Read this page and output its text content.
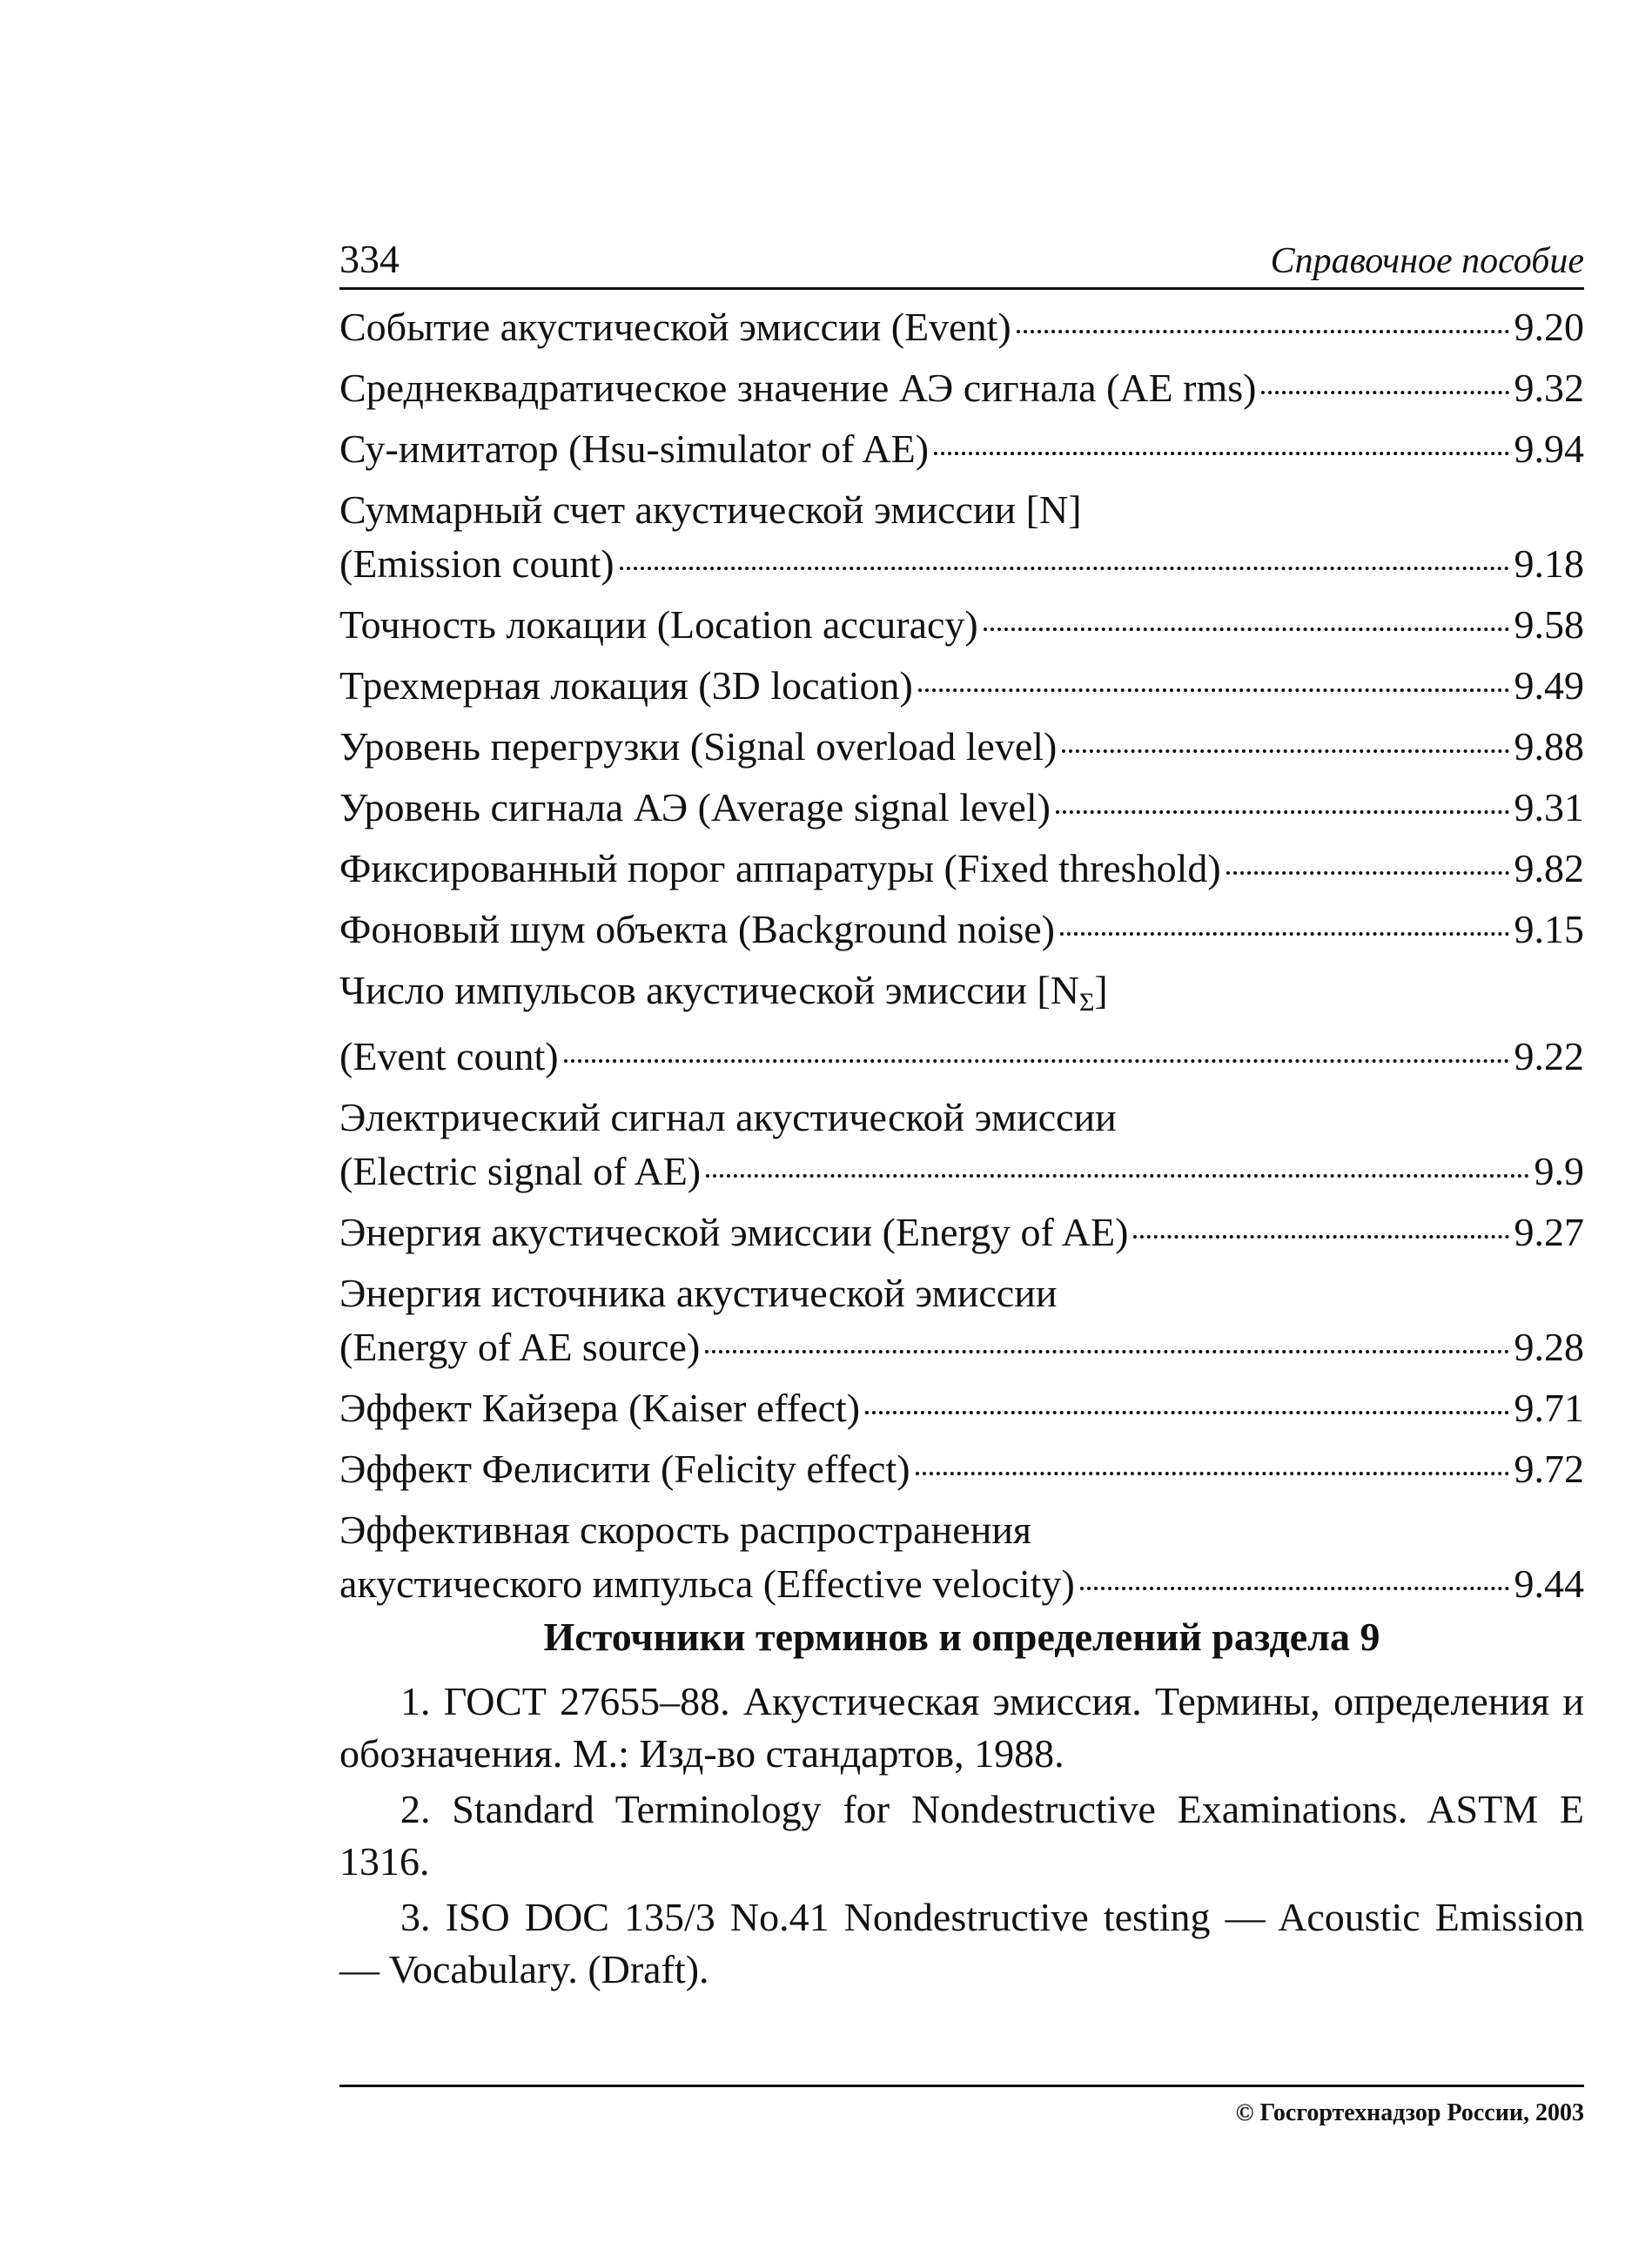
334	Справочное пособие
Событие акустической эмиссии (Event)	9.20
Среднеквадратическое значение АЭ сигнала (AE rms)	9.32
Су-имитатор (Hsu-simulator of AE)	9.94
Суммарный счет акустической эмиссии [N]
(Emission count)	9.18
Точность локации (Location accuracy)	9.58
Трехмерная локация (3D location)	9.49
Уровень перегрузки (Signal overload level)	9.88
Уровень сигнала АЭ (Average signal level)	9.31
Фиксированный порог аппаратуры (Fixed threshold)	9.82
Фоновый шум объекта (Background noise)	9.15
Число импульсов акустической эмиссии $[N_\Sigma]$
(Event count)	9.22
Электрический сигнал акустической эмиссии
(Electric signal of AE)	9.9
Энергия акустической эмиссии (Energy of AE)	9.27
Энергия источника акустической эмиссии
(Energy of AE source)	9.28
Эффект Кайзера (Kaiser effect)	9.71
Эффект Фелисити (Felicity effect)	9.72
Эффективная скорость распространения
акустического импульса (Effective velocity)	9.44
Источники терминов и определений раздела 9
1. ГОСТ 27655–88. Акустическая эмиссия. Термины, определения и обозначения. М.: Изд-во стандартов, 1988.
2. Standard Terminology for Nondestructive Examinations. ASTM E 1316.
3. ISO DOC 135/3 No.41 Nondestructive testing — Acoustic Emission — Vocabulary. (Draft).
© Госгортехнадзор России, 2003
